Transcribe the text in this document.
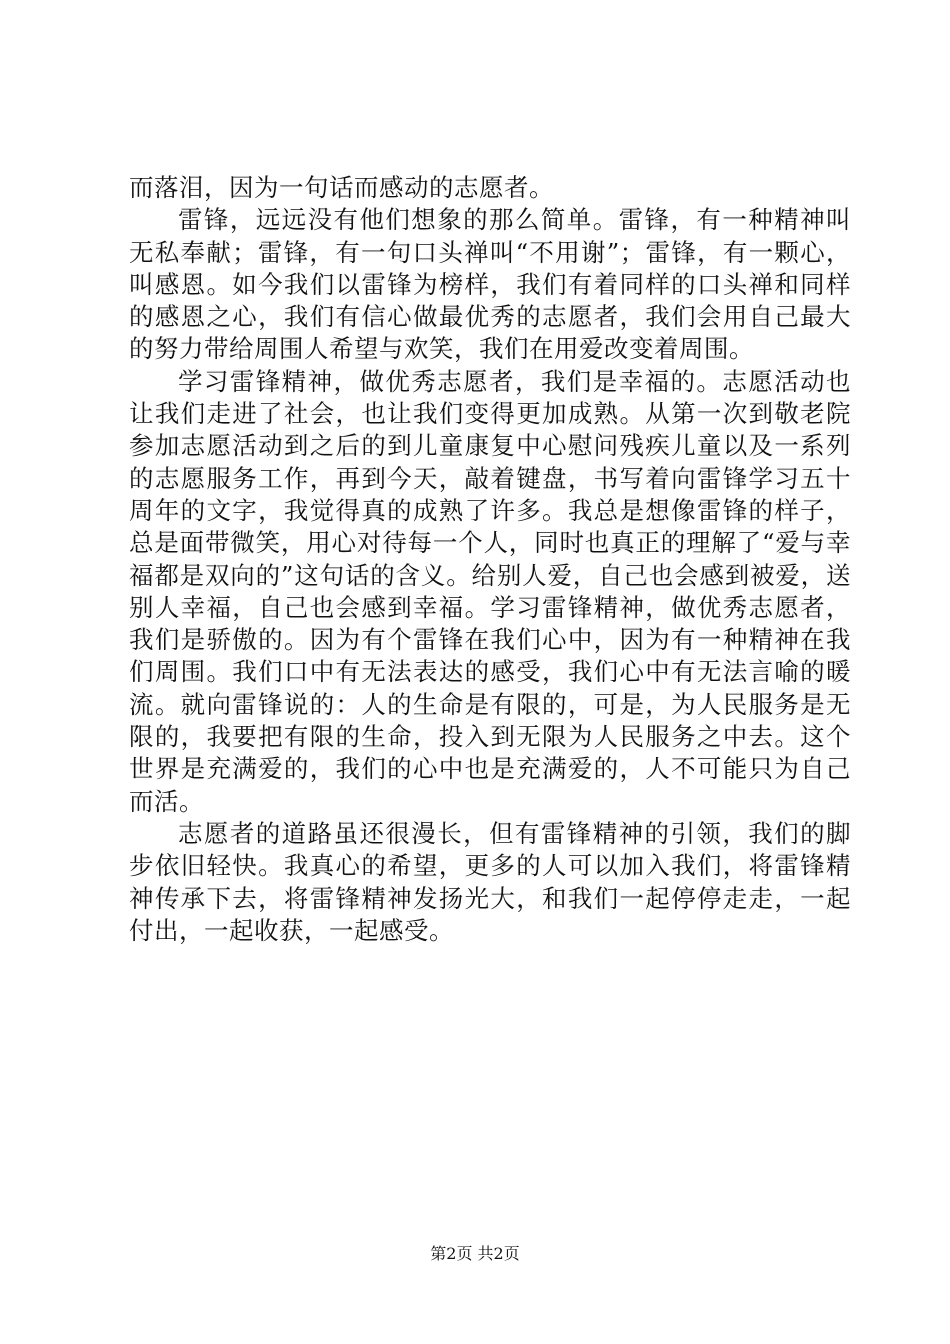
而落泪，因为一句话而感动的志愿者。

雷锋，远远没有他们想象的那么简单。雷锋，有一种精神叫无私奉献；雷锋，有一句口头禅叫“不用谢”；雷锋，有一颗心，叫感恩。如今我们以雷锋为榜样，我们有着同样的口头禅和同样的感恩之心，我们有信心做最优秀的志愿者，我们会用自己最大的努力带给周围人希望与欢笑，我们在用爱改变着周围。

学习雷锋精神，做优秀志愿者，我们是幸福的。志愿活动也让我们走进了社会，也让我们变得更加成熟。从第一次到敬老院参加志愿活动到之后的到儿童康复中心慰问残疾儿童以及一系列的志愿服务工作，再到今天，敲着键盘，书写着向雷锋学习五十周年的文字，我觉得真的成熟了许多。我总是想像雷锋的样子，总是面带微笑，用心对待每一个人，同时也真正的理解了“爱与幸福都是双向的”这句话的含义。给别人爱，自己也会感到被爱，送别人幸福，自己也会感到幸福。学习雷锋精神，做优秀志愿者，我们是骄傲的。因为有个雷锋在我们心中，因为有一种精神在我们周围。我们口中有无法表达的感受，我们心中有无法言喻的暖流。就向雷锋说的：人的生命是有限的，可是，为人民服务是无限的，我要把有限的生命，投入到无限为人民服务之中去。这个世界是充满爱的，我们的心中也是充满爱的，人不可能只为自己而活。

志愿者的道路虽还很漫长，但有雷锋精神的引领，我们的脚步依旧轻快。我真心的希望，更多的人可以加入我们，将雷锋精神传承下去，将雷锋精神发扬光大，和我们一起停停走走，一起付出，一起收获，一起感受。

第2页 共2页
